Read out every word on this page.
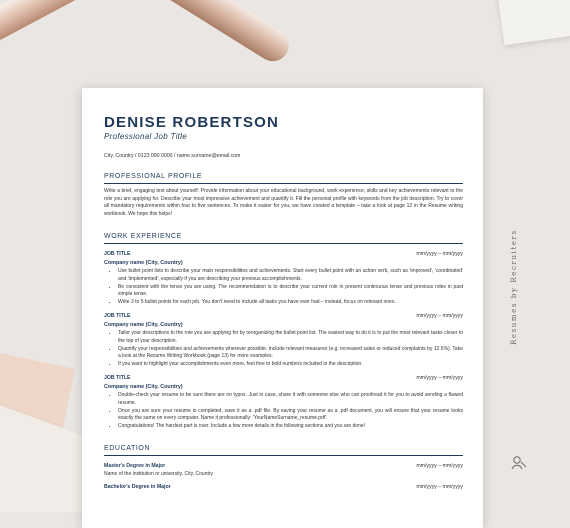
DENISE ROBERTSON
Professional Job Title
City, Country / 0123 000 0000 / name.surname@email.com
PROFESSIONAL PROFILE
Write a brief, engaging text about yourself: Provide information about your educational background, work experience, skills and key achievements relevant to the role you are applying for. Describe your most impressive achievement and quantify it. Fill the personal profile with keywords from the job description. Try to cover all mandatory requirements within four to five sentences. To make it easier for you, we have created a template – take a look at page 12 in the Resume writing workbook. We hope this helps!
WORK EXPERIENCE
JOB TITLE	mm/yyyy – mm/yyyy
Company name (City, Country)
• Use bullet point lists to describe your main responsibilities and achievements. Start every bullet point with an action verb, such as 'improved', 'coordinated' and 'implemented', especially if you are describing your previous accomplishments.
• Be consistent with the tense you are using. The recommendation is to describe your current role in present continuous tense and previous roles in past simple tense.
• Write 3 to 5 bullet points for each job. You don't need to include all tasks you have ever had – instead, focus on relevant ones.
JOB TITLE	mm/yyyy – mm/yyyy
Company name (City, Country)
• Tailor your descriptions to the role you are applying for by reorganizing the bullet point list. The easiest way to do it is to put the most relevant tasks closer to the top of your description.
• Quantify your responsibilities and achievements wherever possible. Include relevant measures (e.g. increased sales or reduced complaints by 12.5%). Take a look at the Resume Writing Workbook (page 13) for more examples.
• If you want to highlight your accomplishments even more, feel free to bold numbers included in the description.
JOB TITLE	mm/yyyy – mm/yyyy
Company name (City, Country)
• Double-check your resume to be sure there are no typos. Just in case, share it with someone else who can proofread it for you to avoid sending a flawed resume.
• Once you are sure your resume is completed, save it as a .pdf file. By saving your resume as a .pdf document, you will ensure that your resume looks exactly the same on every computer. Name it professionally: 'YourNameSurname_resume.pdf'.
• Congratulations! The hardest part is over. Include a few more details in the following sections and you are done!
EDUCATION
Master's Degree in Major	mm/yyyy – mm/yyyy
Name of the institution or university, City, Country
Bachelor's Degree in Major	mm/yyyy – mm/yyyy
Resumes by Recruiters
